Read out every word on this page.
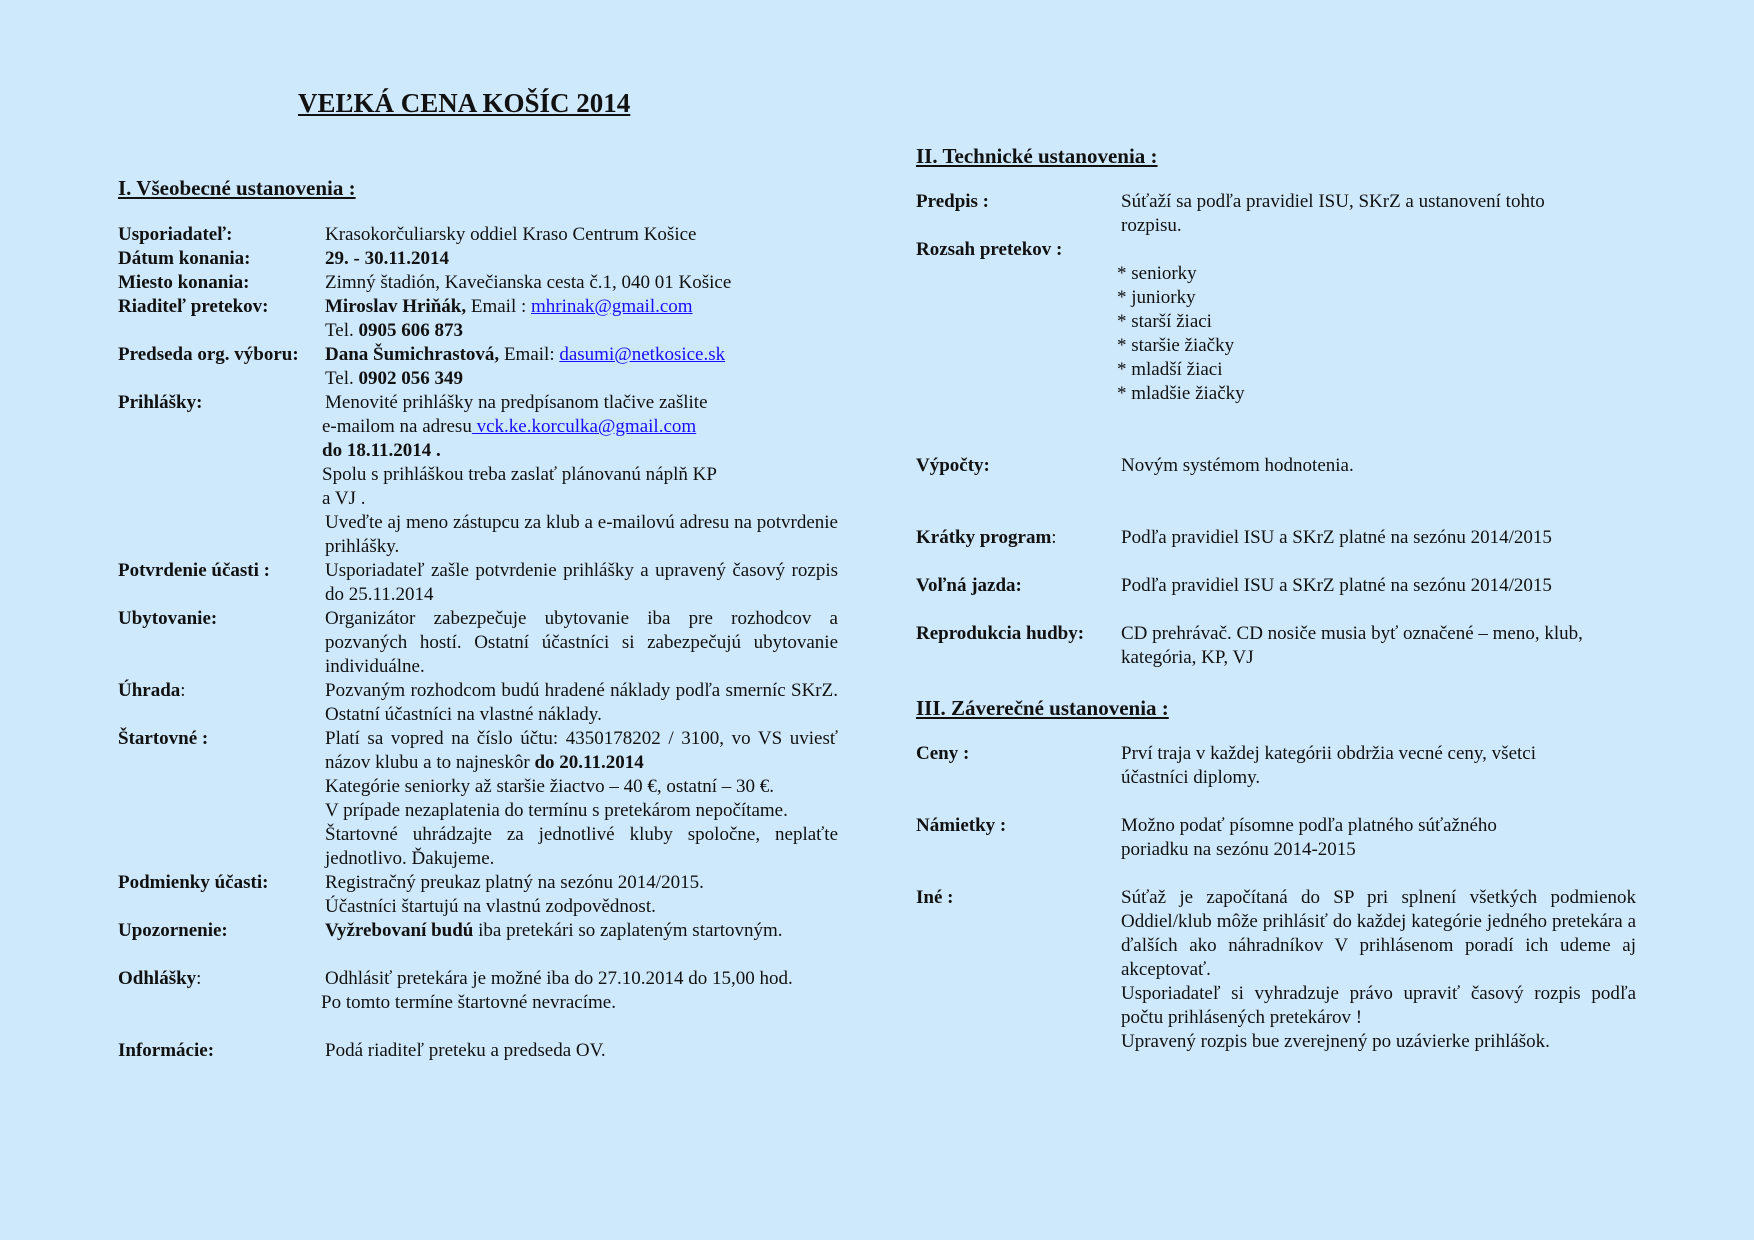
VEĽKÁ CENA KOŠÍC 2014
I. Všeobecné ustanovenia :
Usporiadateľ:	Krasokorčuliarsky oddiel Kraso Centrum Košice
Dátum konania:	29. - 30.11.2014
Miesto konania:	Zimný štadión, Kavečianska cesta č.1, 040 01 Košice
Riaditeľ pretekov:	Miroslav Hriňák, Email : mhrinak@gmail.com
Tel. 0905 606 873
Predseda org. výboru:	Dana Šumichrastová, Email: dasumi@netkosice.sk
Tel. 0902 056 349
Prihlášky:	Menovité prihlášky na predpísanom tlačive zašlite
e-mailom na adresu vck.ke.korculka@gmail.com
do 18.11.2014 .
Spolu s prihláškou treba zaslať plánovanú náplň KP
a VJ .
Uveďte aj meno zástupcu za klub a e-mailovú adresu na potvrdenie prihlášky.
Potvrdenie účasti :	Usporiadateľ zašle potvrdenie prihlášky a upravený časový rozpis do 25.11.2014
Ubytovanie:	Organizátor zabezpečuje ubytovanie iba pre rozhodcov a pozvaných hostí. Ostatní účastníci si zabezpečujú ubytovanie individuálne.
Úhrada:	Pozvaným rozhodcom budú hradené náklady podľa smerníc SKrZ. Ostatní účastníci na vlastné náklady.
Štartovné :	Platí sa vopred na číslo účtu: 4350178202 / 3100, vo VS uviesť názov klubu a to najneskôr do 20.11.2014
Kategórie seniorky až staršie žiactvo – 40 €, ostatní – 30 €.
V prípade nezaplatenia do termínu s pretekárom nepočítame.
Štartovné uhrádzajte za jednotlivé kluby spoločne, neplaťte jednotlivo. Ďakujeme.
Podmienky účasti:	Registračný preukaz platný na sezónu 2014/2015.
Účastníci štartujú na vlastnú zodpovědnost.
Upozornenie:	Vyžrebovaní budú iba pretekári so zaplateným startovným.
Odhlášky:	Odhlásiť pretekára je možné iba do 27.10.2014 do 15,00 hod.
Po tomto termíne štartovné nevracíme.
Informácie:	Podá riaditeľ preteku a predseda OV.
II. Technické ustanovenia :
Predpis :	Súťaží sa podľa pravidiel ISU, SKrZ a ustanovení tohto rozpisu.
Rozsah pretekov :
* seniorky
* juniorky
* starší žiaci
* staršie žiačky
* mladší žiaci
* mladšie žiačky
Výpočty:	Novým systémom hodnotenia.
Krátky program:	Podľa pravidiel ISU a SKrZ platné na sezónu 2014/2015
Voľná jazda:	Podľa pravidiel ISU a SKrZ platné na sezónu 2014/2015
Reprodukcia hudby:	CD prehrávač. CD nosiče musia byť označené – meno, klub, kategória, KP, VJ
III. Záverečné ustanovenia :
Ceny :	Prví traja v každej kategórii obdržia vecné ceny, všetci účastníci diplomy.
Námietky :	Možno podať písomne podľa platného súťažného poriadku na sezónu 2014-2015
Iné :	Súťaž je započítaná do SP pri splnení všetkých podmienok Oddiel/klub môže prihlásiť do každej kategórie jedného pretekára a ďalších ako náhradníkov V prihlásenom poradí ich udeme aj akceptovať.
Usporiadateľ si vyhradzuje právo upraviť časový rozpis podľa počtu prihlásených pretekárov !
Upravený rozpis bue zverejnený po uzávierke prihlášok.
